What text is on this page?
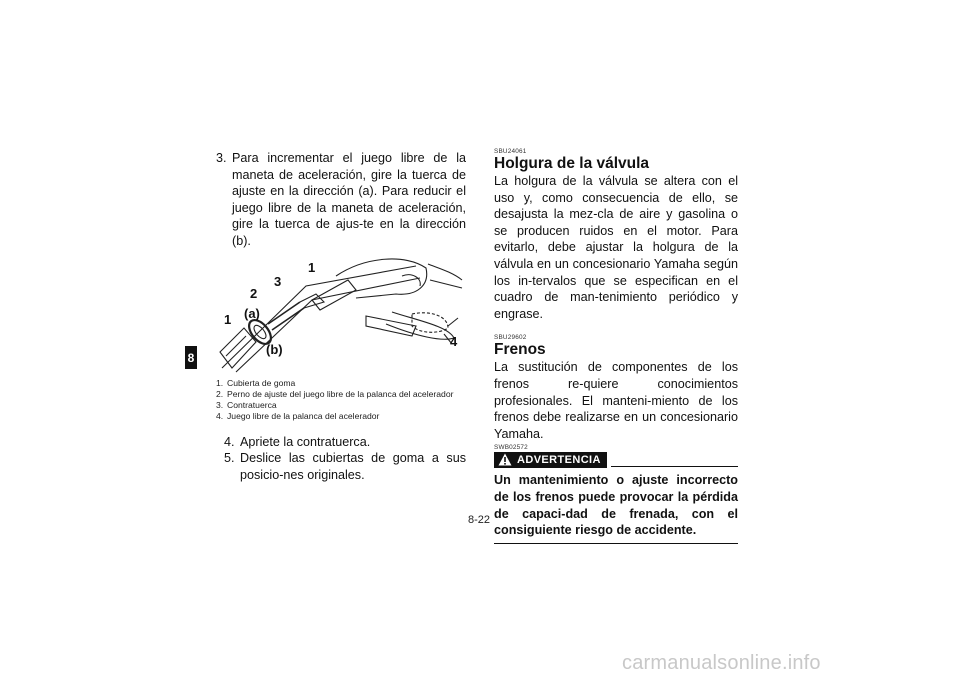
8
3. Para incrementar el juego libre de la maneta de aceleración, gire la tuerca de ajuste en la dirección (a). Para reducir el juego libre de la maneta de aceleración, gire la tuerca de ajus-te en la dirección (b).
1
2
3
1
4
(a)
(b)
1. Cubierta de goma
2. Perno de ajuste del juego libre de la palanca del acelerador
3. Contratuerca
4. Juego libre de la palanca del acelerador
4. Apriete la contratuerca.
5. Deslice las cubiertas de goma a sus posicio-nes originales.
SBU24061
Holgura de la válvula
La holgura de la válvula se altera con el uso y, como consecuencia de ello, se desajusta la mez-cla de aire y gasolina o se producen ruidos en el motor. Para evitarlo, debe ajustar la holgura de la válvula en un concesionario Yamaha según los in-tervalos que se especifican en el cuadro de man-tenimiento periódico y engrase.
SBU29602
Frenos
La sustitución de componentes de los frenos re-quiere conocimientos profesionales. El manteni-miento de los frenos debe realizarse en un concesionario Yamaha.
SWB02572
ADVERTENCIA
Un mantenimiento o ajuste incorrecto de los frenos puede provocar la pérdida de capaci-dad de frenada, con el consiguiente riesgo de accidente.
8-22
carmanualsonline.info
